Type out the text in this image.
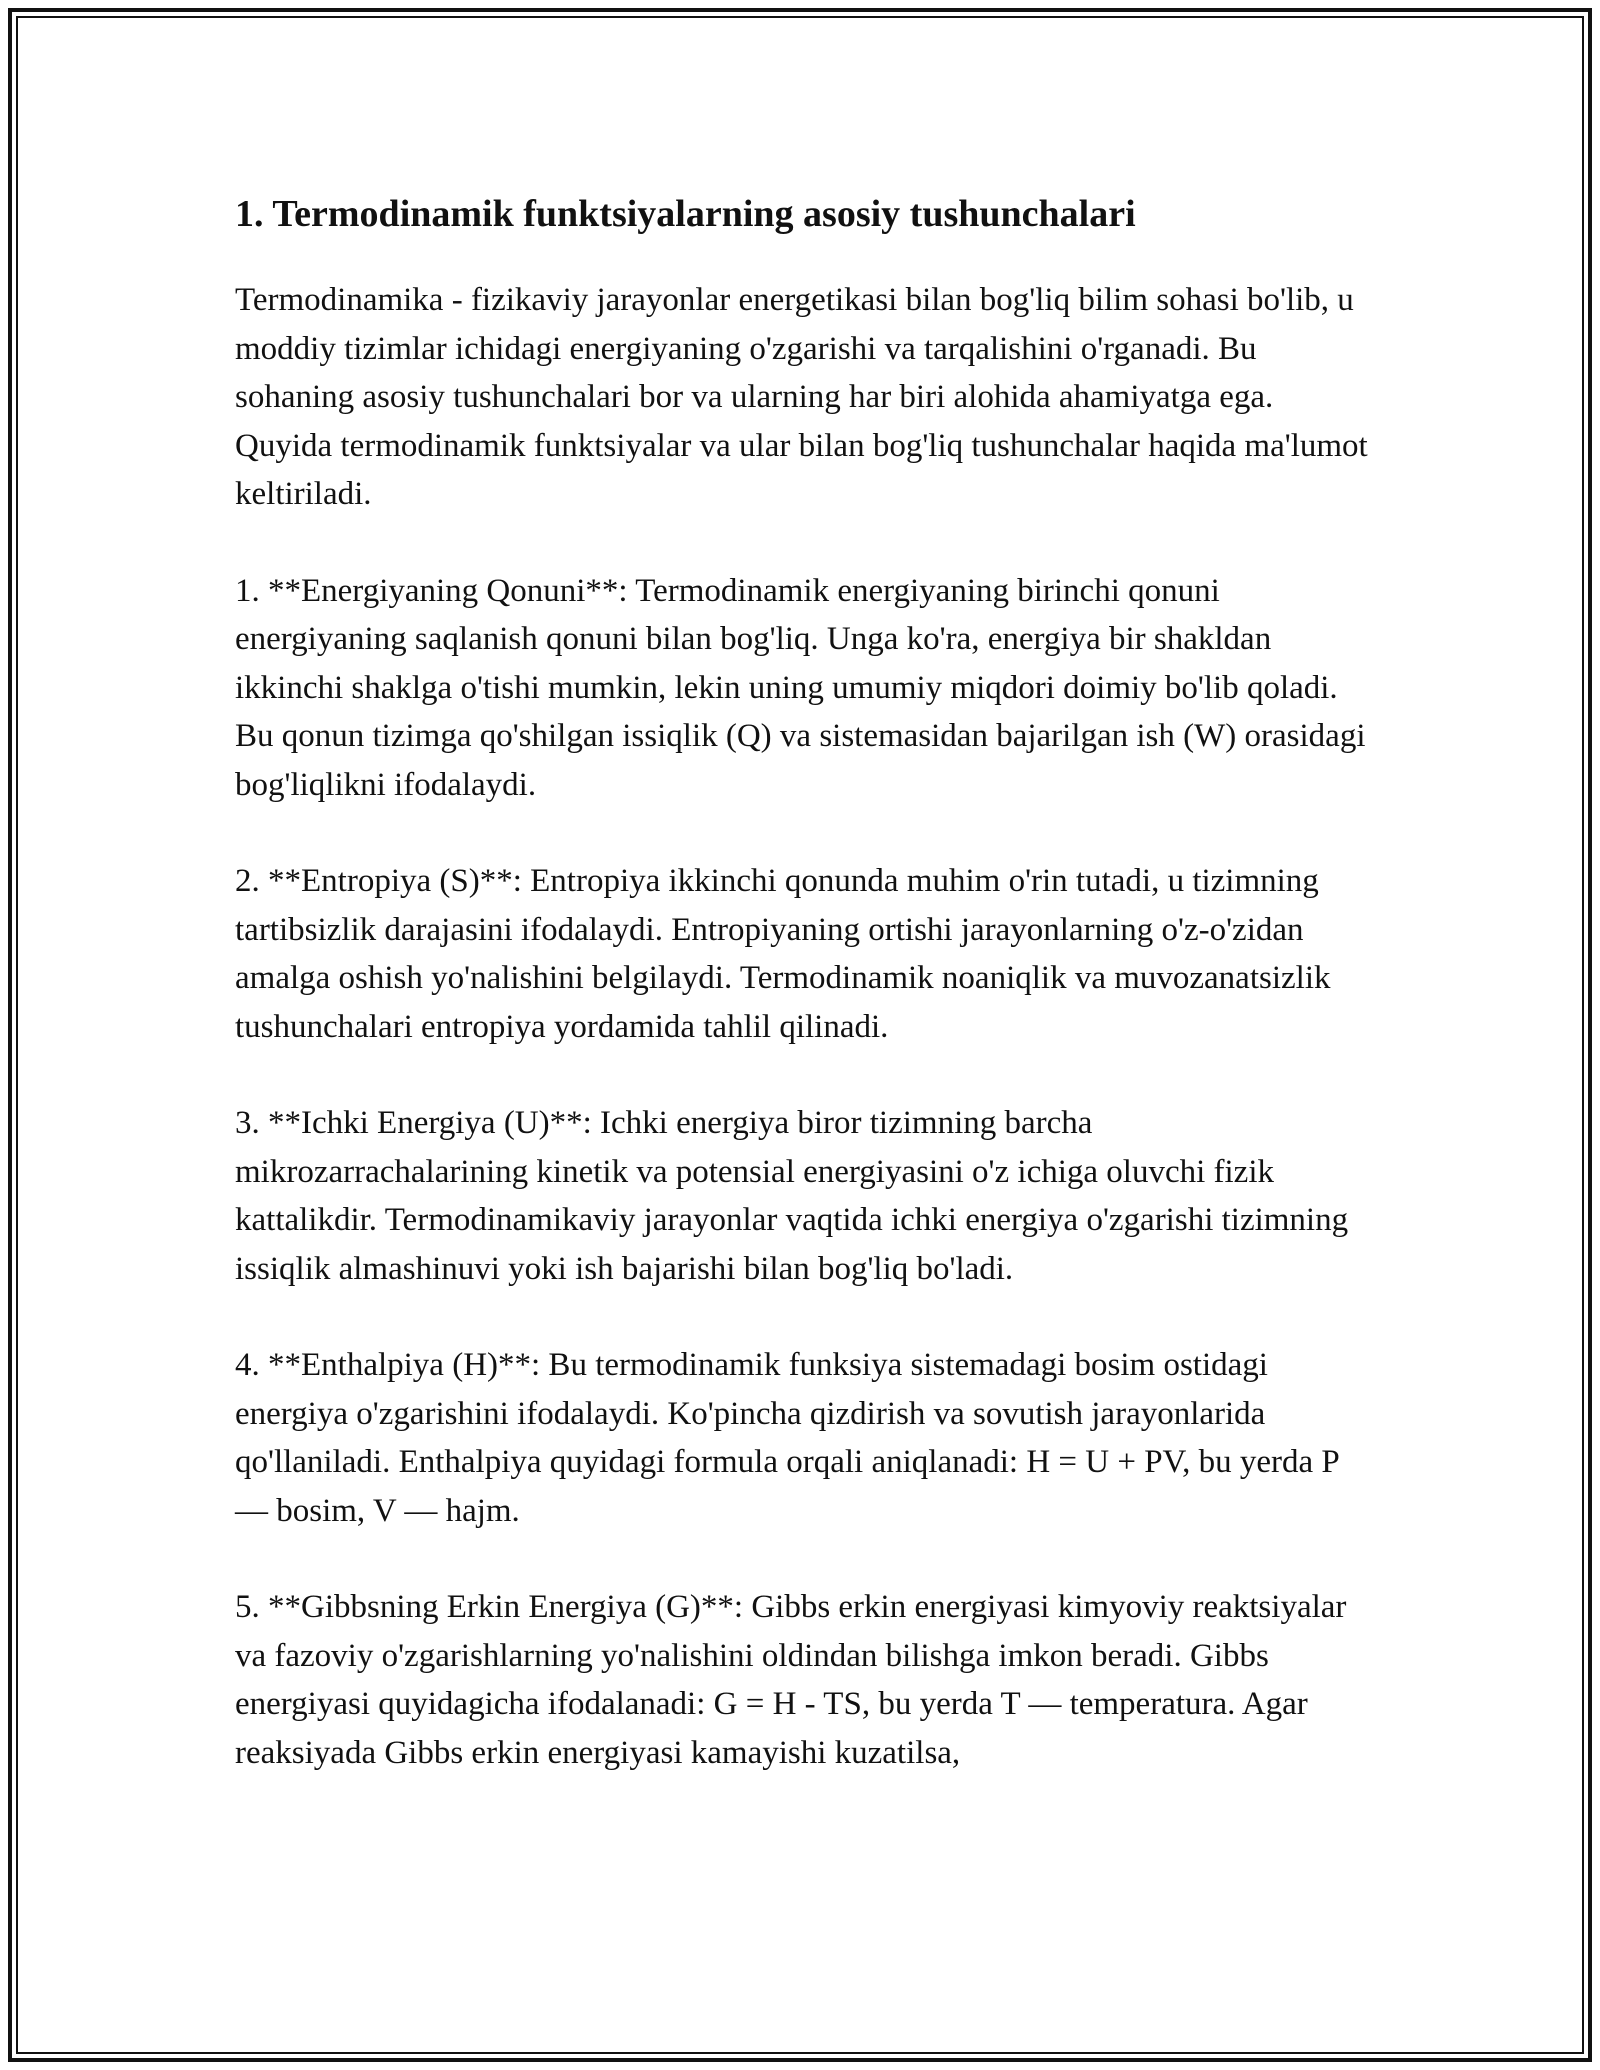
1. Termodinamik funktsiyalarning asosiy tushunchalari

Termodinamika - fizikaviy jarayonlar energetikasi bilan bog'liq bilim sohasi bo'lib, u moddiy tizimlar ichidagi energiyaning o'zgarishi va tarqalishini o'rganadi. Bu sohaning asosiy tushunchalari bor va ularning har biri alohida ahamiyatga ega. Quyida termodinamik funktsiyalar va ular bilan bog'liq tushunchalar haqida ma'lumot keltiriladi.

1. **Energiyaning Qonuni**: Termodinamik energiyaning birinchi qonuni energiyaning saqlanish qonuni bilan bog'liq. Unga ko'ra, energiya bir shakldan ikkinchi shaklga o'tishi mumkin, lekin uning umumiy miqdori doimiy bo'lib qoladi. Bu qonun tizimga qo'shilgan issiqlik (Q) va sistemasidan bajarilgan ish (W) orasidagi bog'liqlikni ifodalaydi.

2. **Entropiya (S)**: Entropiya ikkinchi qonunda muhim o'rin tutadi, u tizimning tartibsizlik darajasini ifodalaydi. Entropiyaning ortishi jarayonlarning o'z-o'zidan amalga oshish yo'nalishini belgilaydi. Termodinamik noaniqlik va muvozanatsizlik tushunchalari entropiya yordamida tahlil qilinadi.

3. **Ichki Energiya (U)**: Ichki energiya biror tizimning barcha mikrozarrachalarining kinetik va potensial energiyasini o'z ichiga oluvchi fizik kattalikdir. Termodinamikaviy jarayonlar vaqtida ichki energiya o'zgarishi tizimning issiqlik almashinuvi yoki ish bajarishi bilan bog'liq bo'ladi.

4. **Enthalpiya (H)**: Bu termodinamik funksiya sistemadagi bosim ostidagi energiya o'zgarishini ifodalaydi. Ko'pincha qizdirish va sovutish jarayonlarida qo'llaniladi. Enthalpiya quyidagi formula orqali aniqlanadi: H = U + PV, bu yerda P — bosim, V — hajm.

5. **Gibbsning Erkin Energiya (G)**: Gibbs erkin energiyasi kimyoviy reaktsiyalar va fazoviy o'zgarishlarning yo'nalishini oldindan bilishga imkon beradi. Gibbs energiyasi quyidagicha ifodalanadi: G = H - TS, bu yerda T — temperatura. Agar reaksiyada Gibbs erkin energiyasi kamayishi kuzatilsa,
